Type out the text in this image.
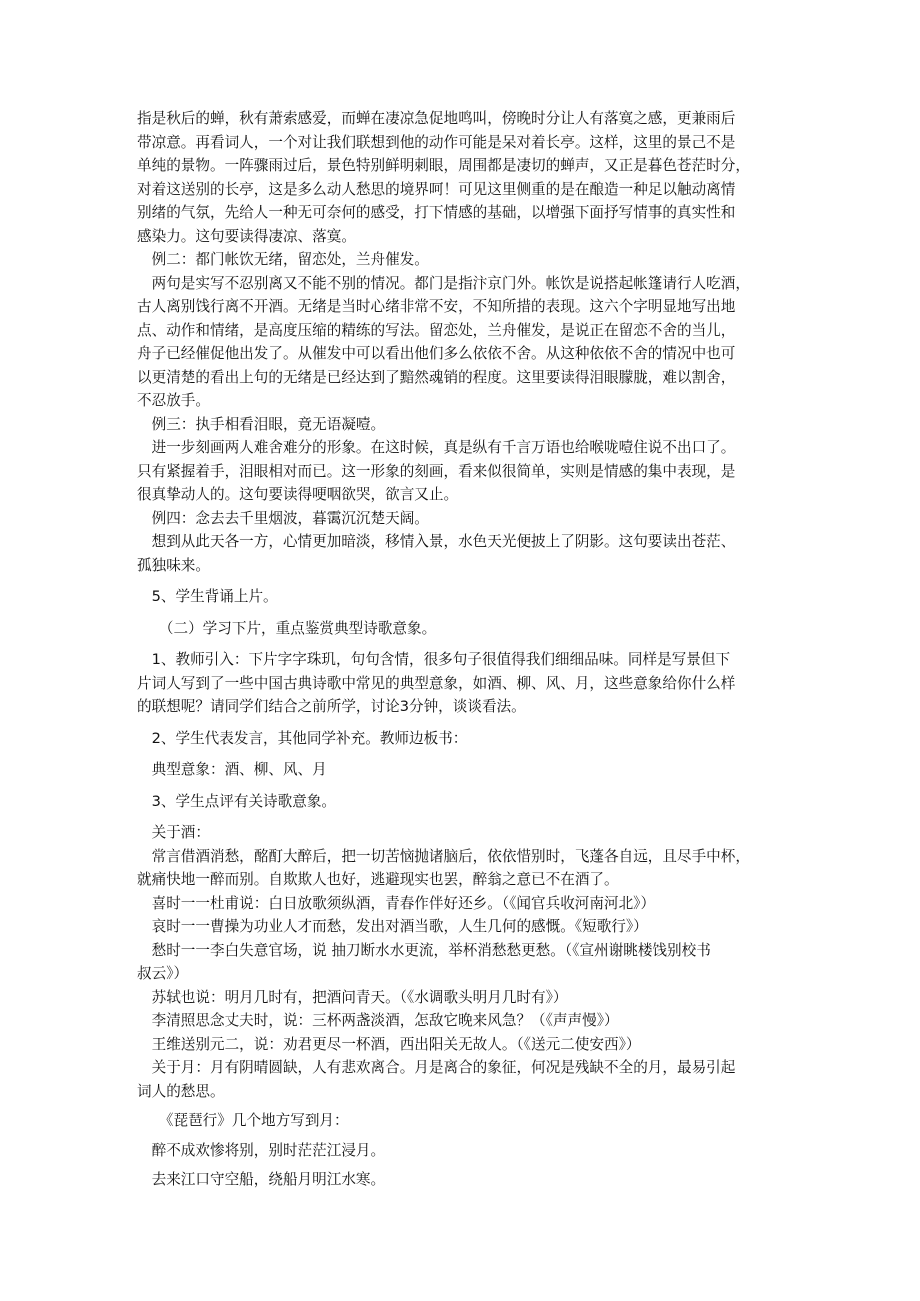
指是秋后的蝉，秋有萧索感爱，而蝉在凄凉急促地鸣叫，傍晚时分让人有落寞之感，更兼雨后
带凉意。再看词人，一个对让我们联想到他的动作可能是呆对着长亭。这样，这里的景己不是
单纯的景物。一阵骤雨过后，景色特别鲜明刺眼，周围都是凄切的蝉声，又正是暮色苍茫时分，
对着这送别的长亭，这是多么动人愁思的境界呵！可见这里侧重的是在酿造一种足以触动离情
别绪的气氛，先给人一种无可奈何的感受，打下情感的基础，以增强下面抒写情事的真实性和
感染力。这句要读得凄凉、落寞。
　例二：都门帐饮无绪，留恋处，兰舟催发。
　两句是实写不忍别离又不能不别的情况。都门是指汴京门外。帐饮是说搭起帐篷请行人吃酒，
古人离别饯行离不开酒。无绪是当时心绪非常不安，不知所措的表现。这六个字明显地写出地
点、动作和情绪，是高度压缩的精练的写法。留恋处，兰舟催发，是说正在留恋不舍的当儿，
舟子已经催促他出发了。从催发中可以看出他们多么依依不舍。从这种依依不舍的情况中也可
以更清楚的看出上句的无绪是已经达到了黯然魂销的程度。这里要读得泪眼朦胧，难以割舍，
不忍放手。
　例三：执手相看泪眼，竟无语凝噎。
　进一步刻画两人难舍难分的形象。在这时候，真是纵有千言万语也给喉咙噎住说不出口了。
只有紧握着手，泪眼相对而已。这一形象的刻画，看来似很简单，实则是情感的集中表现，是
很真挚动人的。这句要读得哽咽欲哭，欲言又止。
　例四：念去去千里烟波，暮霭沉沉楚天阔。
　想到从此天各一方，心情更加暗淡，移情入景，水色天光便披上了阴影。这句要读出苍茫、
孤独味来。
　5、学生背诵上片。
　　（二）学习下片，重点鉴赏典型诗歌意象。
　1、教师引入：下片字字珠玑，句句含情，很多句子很值得我们细细品味。同样是写景但下
片词人写到了一些中国古典诗歌中常见的典型意象，如酒、柳、风、月，这些意象给你什么样
的联想呢？请同学们结合之前所学，讨论3分钟，谈谈看法。
　2、学生代表发言，其他同学补充。教师边板书：
　典型意象：酒、柳、风、月
　3、学生点评有关诗歌意象。
　关于酒：
　常言借酒消愁，酩酊大醉后，把一切苦恼抛诸脑后，依依惜别时，飞蓬各自远，且尽手中杯，
就痛快地一醉而别。自欺欺人也好，逃避现实也罢，醉翁之意已不在酒了。
　喜时一一杜甫说：白日放歌须纵酒，青春作伴好还乡。（《闻官兵收河南河北》）
　哀时一一曹操为功业人才而愁，发出对酒当歌，人生几何的感慨。《短歌行》）
　愁时一一李白失意官场，说 抽刀断水水更流，举杯消愁愁更愁。（《宣州谢眺楼饯别校书
叔云》）
　苏轼也说：明月几时有，把酒问青天。（《水调歌头明月几时有》）
　李清照思念丈夫时，说：三杯两盏淡酒，怎敌它晚来风急？（《声声慢》）
　王维送别元二，说：劝君更尽一杯酒，西出阳关无故人。（《送元二使安西》）
　关于月：月有阴晴圆缺，人有悲欢离合。月是离合的象征，何况是残缺不全的月，最易引起
词人的愁思。
　　《琵琶行》几个地方写到月：
　醉不成欢惨将别，别时茫茫江浸月。
　去来江口守空船，绕船月明江水寒。
